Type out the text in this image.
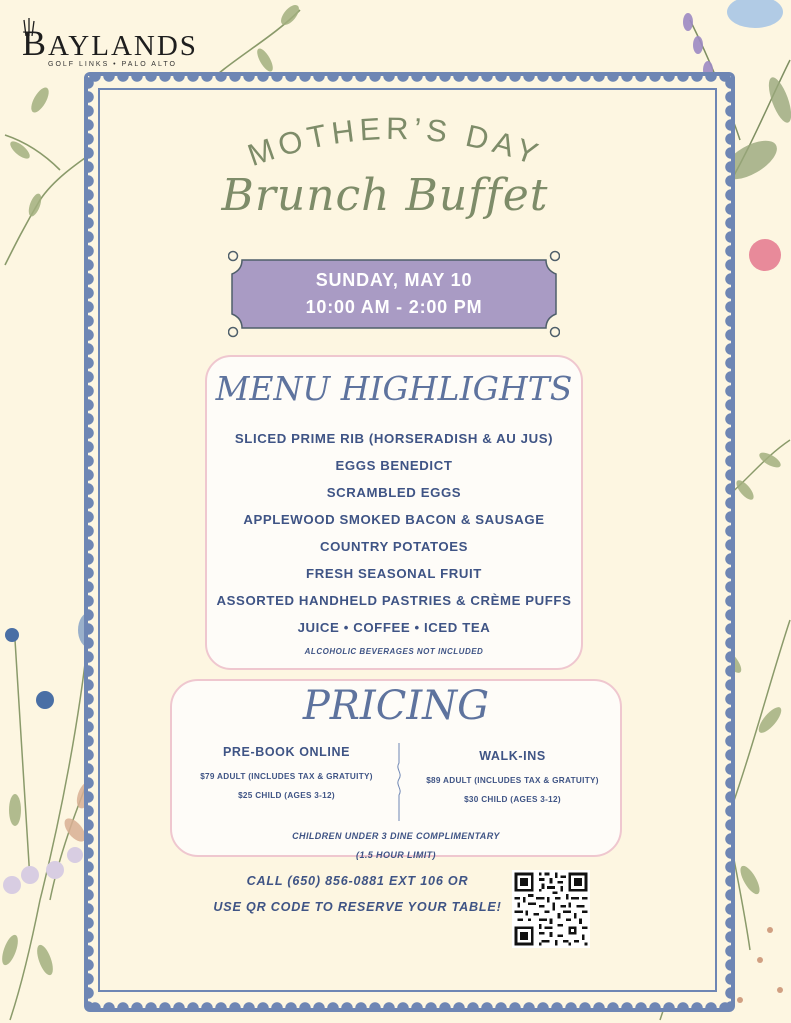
BAYLANDS
GOLF LINKS • PALO ALTO
MOTHER’S DAY
Brunch Buffet
SUNDAY, MAY 10
10:00 AM - 2:00 PM
MENU HIGHLIGHTS
SLICED PRIME RIB (HORSERADISH & AU JUS)
EGGS BENEDICT
SCRAMBLED EGGS
APPLEWOOD SMOKED BACON & SAUSAGE
COUNTRY POTATOES
FRESH SEASONAL FRUIT
ASSORTED HANDHELD PASTRIES & CRÈME PUFFS
JUICE • COFFEE • ICED TEA
ALCOHOLIC BEVERAGES NOT INCLUDED
PRICING
PRE-BOOK ONLINE
$79 ADULT (INCLUDES TAX & GRATUITY)
$25 CHILD (AGES 3-12)
WALK-INS
$89 ADULT (INCLUDES TAX & GRATUITY)
$30 CHILD (AGES 3-12)
CHILDREN UNDER 3 DINE COMPLIMENTARY
(1.5 HOUR LIMIT)
CALL (650) 856-0881 EXT 106 OR
USE QR CODE TO RESERVE YOUR TABLE!
